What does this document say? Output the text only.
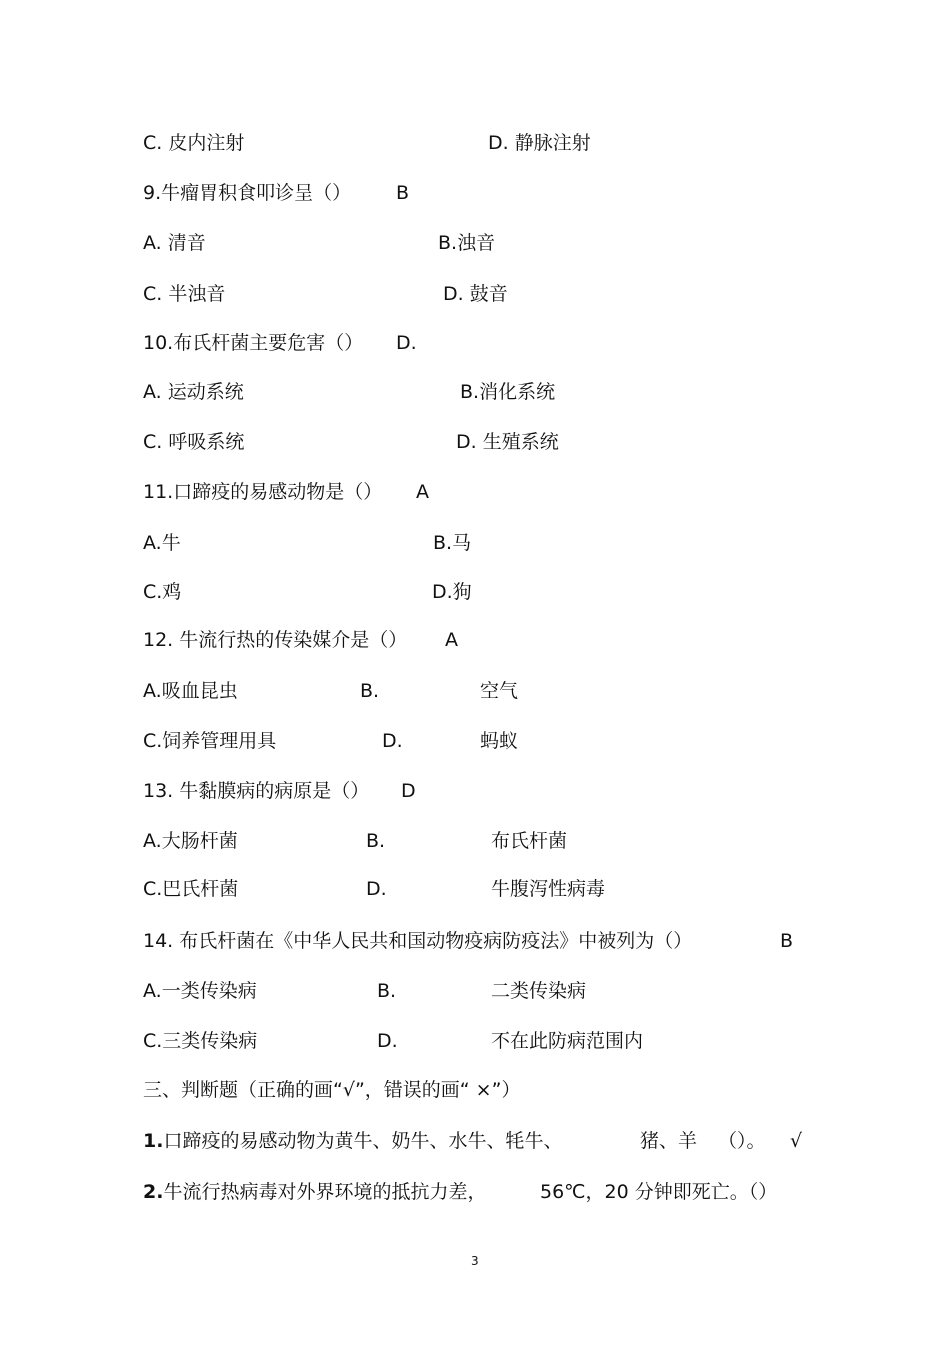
C. 皮内注射	D. 静脉注射
9.牛瘤胃积食叩诊呈（） B
A. 清音	B.浊音
C. 半浊音	D. 鼓音
10.布氏杆菌主要危害（） D.
A. 运动系统	B.消化系统
C. 呼吸系统	D. 生殖系统
11.口蹄疫的易感动物是（） A
A.牛	B.马
C.鸡	D.狗
12. 牛流行热的传染媒介是（） A
A.吸血昆虫	B.	空气
C.饲养管理用具	D.	蚂蚁
13. 牛黏膜病的病原是（） D
A.大肠杆菌	B.	布氏杆菌
C.巴氏杆菌	D.	牛腹泻性病毒
14. 布氏杆菌在《中华人民共和国动物疫病防疫法》中被列为（）	B
A.一类传染病	B.	二类传染病
C.三类传染病	D.	不在此防病范围内
三、判断题（正确的画“√”，错误的画“ ×”）
1.口蹄疫的易感动物为黄牛、奶牛、水牛、牦牛、	猪、羊 （）。 √
2.牛流行热病毒对外界环境的抵抗力差，	56℃，20 分钟即死亡。（）
3
